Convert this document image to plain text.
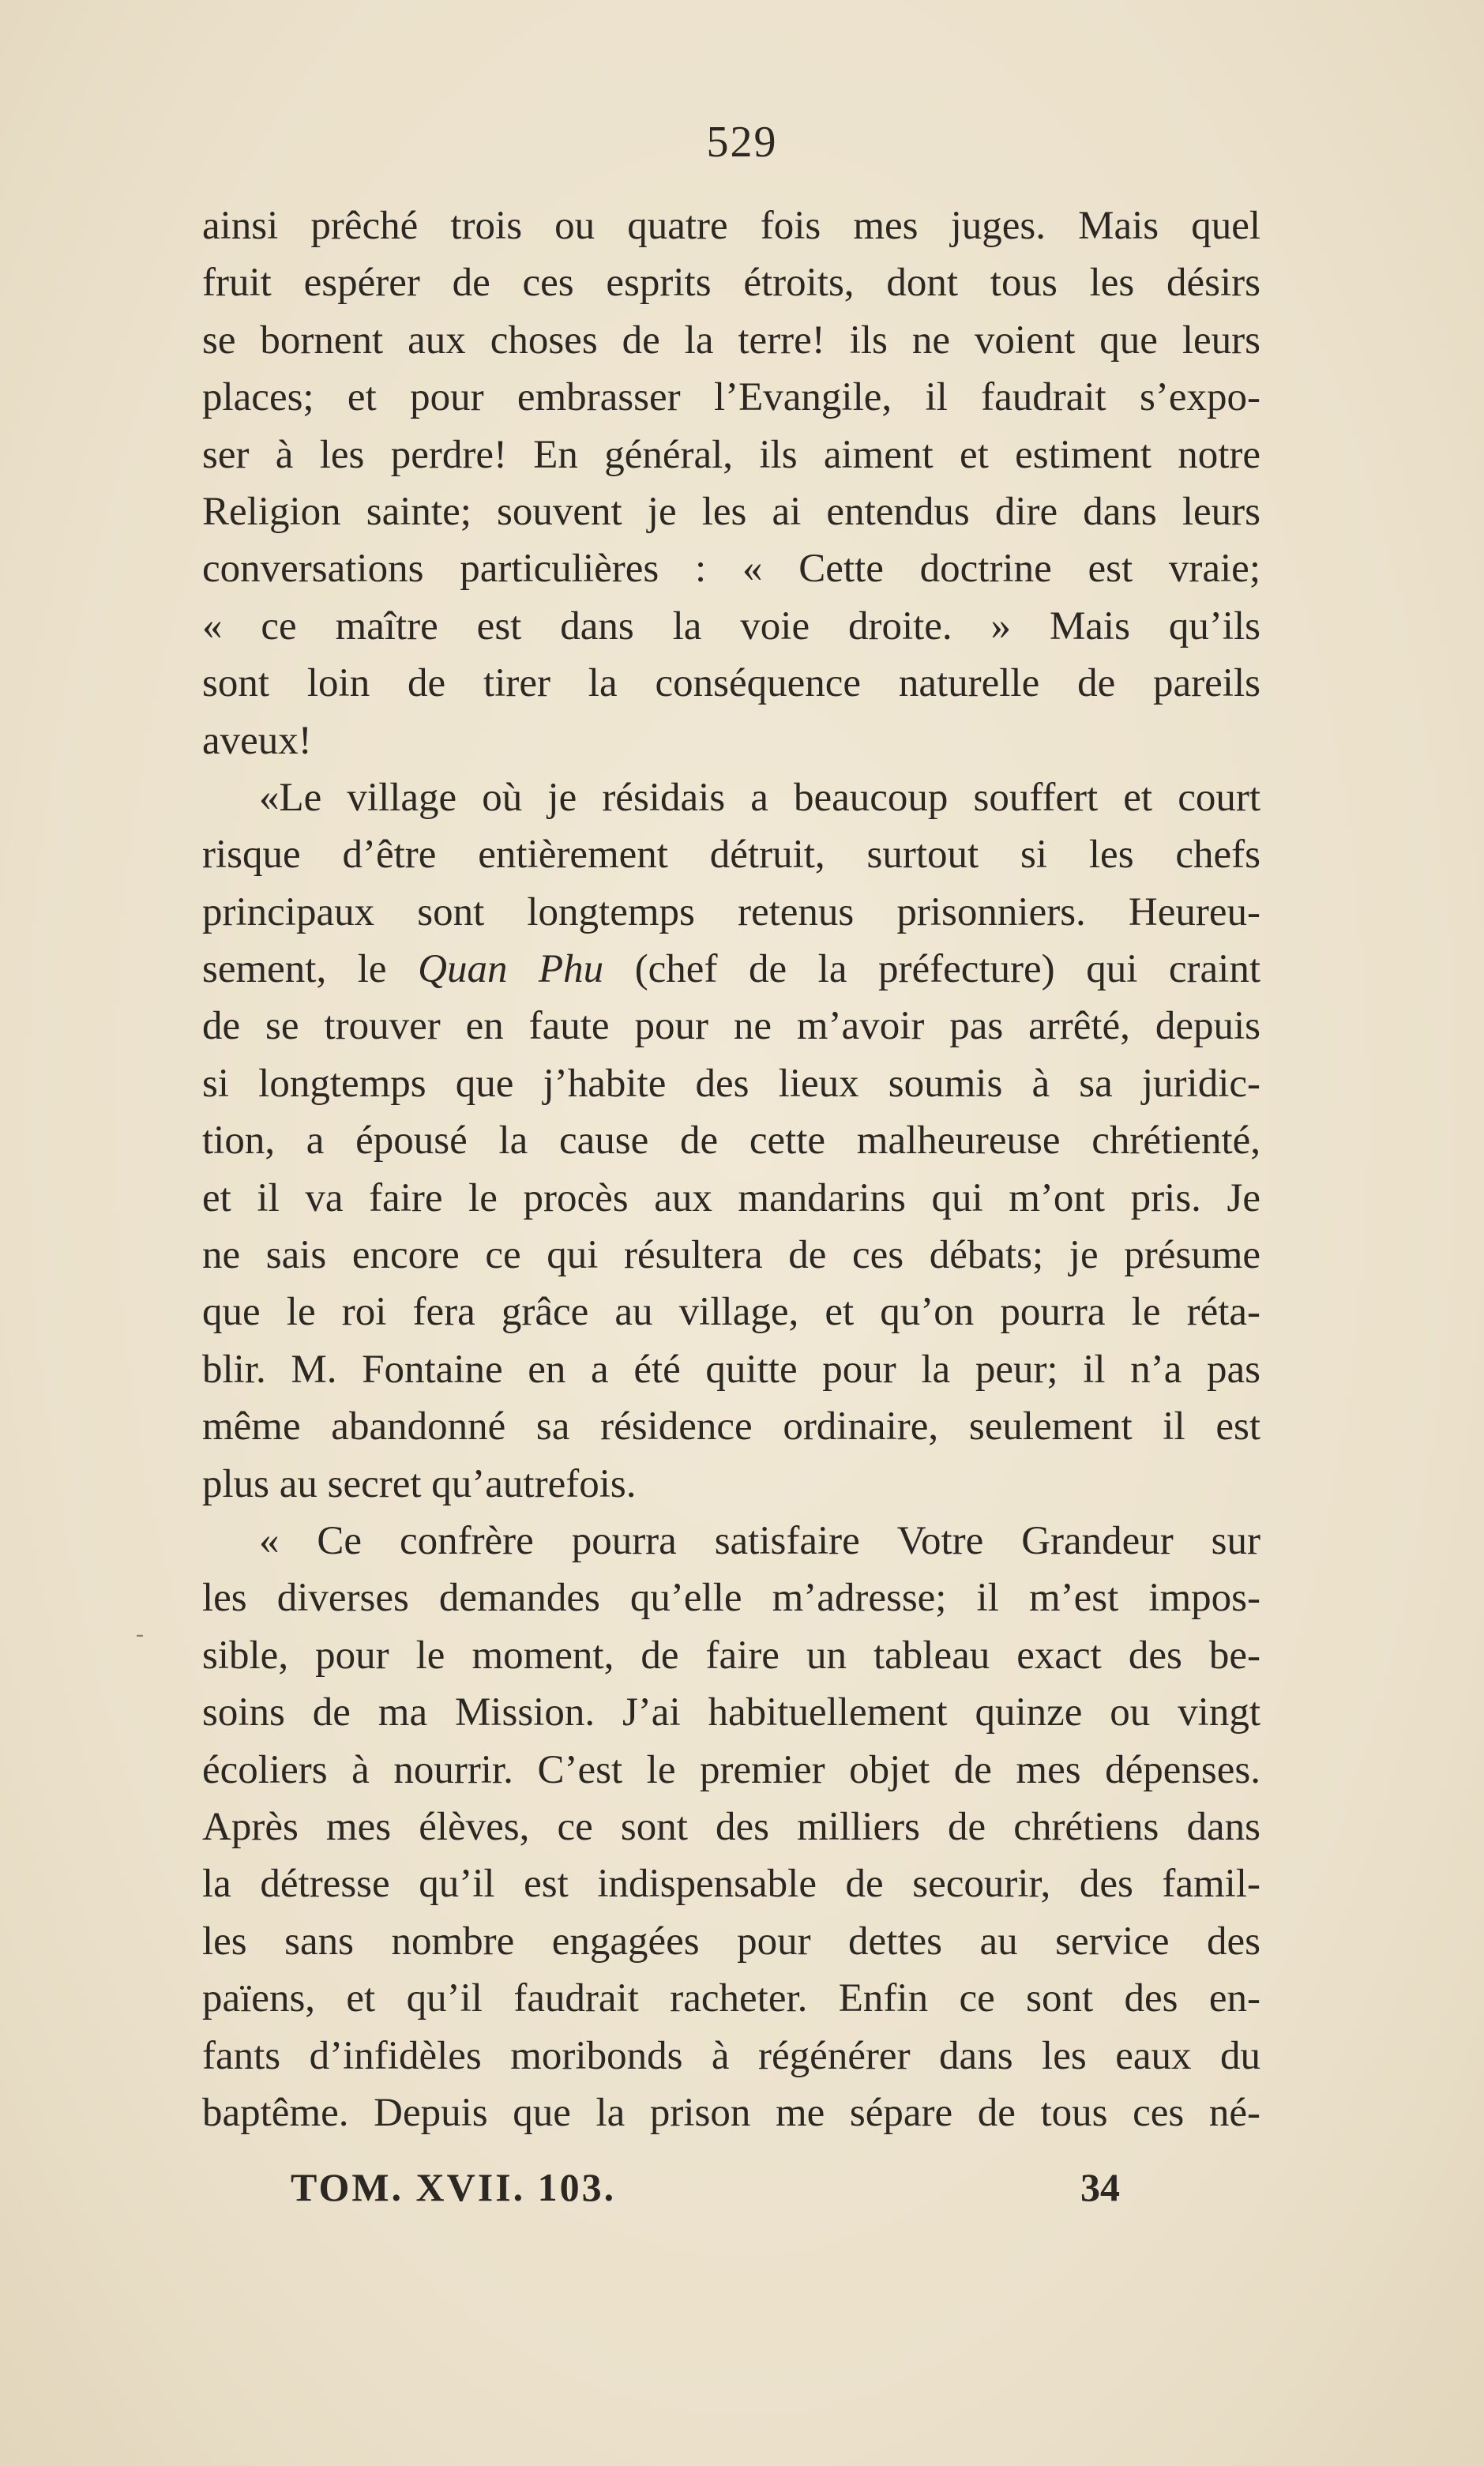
529
-
ainsi prêché trois ou quatre fois mes juges. Mais quel
fruit espérer de ces esprits étroits, dont tous les désirs
se bornent aux choses de la terre! ils ne voient que leurs
places; et pour embrasser l’Evangile, il faudrait s’expo-
ser à les perdre! En général, ils aiment et estiment notre
Religion sainte; souvent je les ai entendus dire dans leurs
conversations particulières : « Cette doctrine est vraie;
« ce maître est dans la voie droite. » Mais qu’ils
sont loin de tirer la conséquence naturelle de pareils
aveux!
«Le village où je résidais a beaucoup souffert et court
risque d’être entièrement détruit, surtout si les chefs
principaux sont longtemps retenus prisonniers. Heureu-
sement, le Quan Phu (chef de la préfecture) qui craint
de se trouver en faute pour ne m’avoir pas arrêté, depuis
si longtemps que j’habite des lieux soumis à sa juridic-
tion, a épousé la cause de cette malheureuse chrétienté,
et il va faire le procès aux mandarins qui m’ont pris. Je
ne sais encore ce qui résultera de ces débats; je présume
que le roi fera grâce au village, et qu’on pourra le réta-
blir. M. Fontaine en a été quitte pour la peur; il n’a pas
même abandonné sa résidence ordinaire, seulement il est
plus au secret qu’autrefois.
« Ce confrère pourra satisfaire Votre Grandeur sur
les diverses demandes qu’elle m’adresse; il m’est impos-
sible, pour le moment, de faire un tableau exact des be-
soins de ma Mission. J’ai habituellement quinze ou vingt
écoliers à nourrir. C’est le premier objet de mes dépenses.
Après mes élèves, ce sont des milliers de chrétiens dans
la détresse qu’il est indispensable de secourir, des famil-
les sans nombre engagées pour dettes au service des
païens, et qu’il faudrait racheter. Enfin ce sont des en-
fants d’infidèles moribonds à régénérer dans les eaux du
baptême. Depuis que la prison me sépare de tous ces né-
TOM. XVII. 103.	34
